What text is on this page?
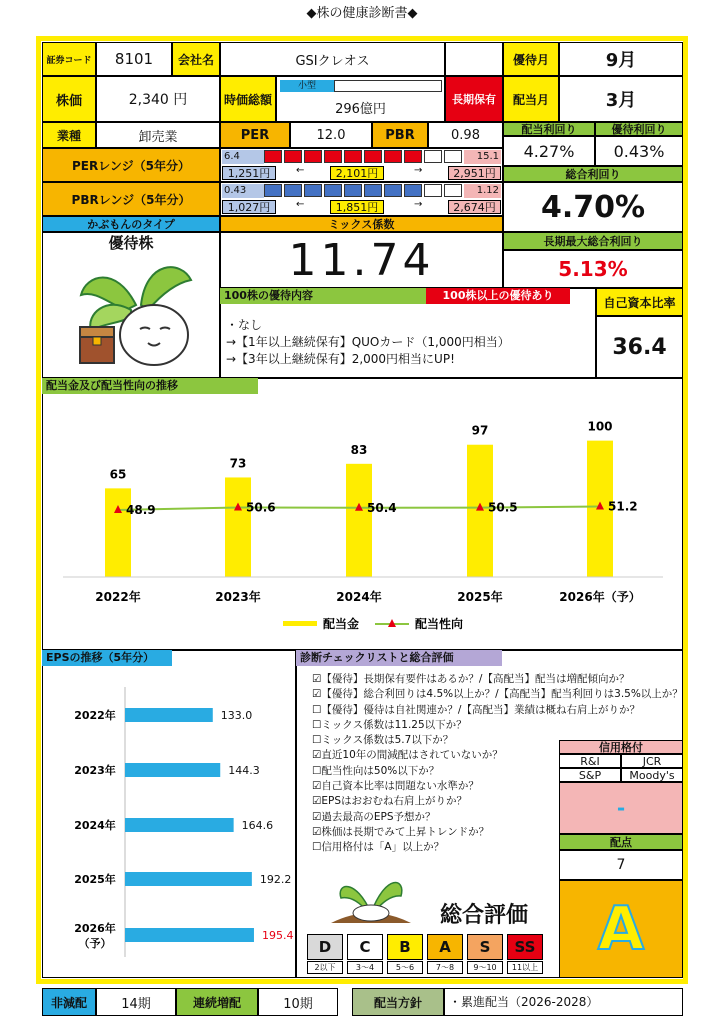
◆株の健康診断書◆
証券コード	8101	会社名	GSIクレオス	優待月	9月
株価	2,340 円	時価総額
小型
296億円
長期保有	配当月	3月
業種	卸売業	PER	12.0	PBR	0.98	配当利回り	優待利回り
4.27%	0.43%
PERレンジ（5年分）
6.4	15.1
1,251円	←	2,101円	→	2,951円
PBRレンジ（5年分）
0.43	1.12
1,027円	←	1,851円	→	2,674円
総合利回り
4.70%
かぶもんのタイプ	ミックス係数
優待株	11.74	長期最大総合利回り
5.13%
100株の優待内容	100株以上の優待あり
・なし
→【1年以上継続保有】QUOカード（1,000円相当）
→【3年以上継続保有】2,000円相当にUP!
自己資本比率
36.4
配当金及び配当性向の推移
65
2022年
73
2023年
83
2024年
97
2025年
100
2026年（予）
48.9	50.6	50.4	50.5	51.2
配当金	配当性向
EPSの推移（5年分）
2022年	133.0
2023年	144.3
2024年	164.6
2025年	192.2
2026年
（予）
195.4
診断チェックリストと総合評価
☑【優待】長期保有要件はあるか？/【高配当】配当は増配傾向か？
☑【優待】総合利回りは4.5%以上か？/【高配当】配当利回りは3.5%以上か？
☐【優待】優待は自社関連か？/【高配当】業績は概ね右肩上がりか？
☐ミックス係数は11.25以下か？
☐ミックス係数は5.7以下か？
☑直近10年の間減配はされていないか？
☐配当性向は50%以下か？
☑自己資本比率は問題ない水準か？
☑EPSはおおむね右肩上がりか？
☑過去最高のEPS予想か？
☑株価は長期でみて上昇トレンドか？
☐信用格付は「A」以上か？
信用格付
R&I	JCR
S&P	Moody's
-
配点
7
A
総合評価
D
2以下
C
3～4
B
5～6
A
7～8
S
9～10
SS
11以上
非減配	14期	連続増配	10期	配当方針	・累進配当（2026-2028）
